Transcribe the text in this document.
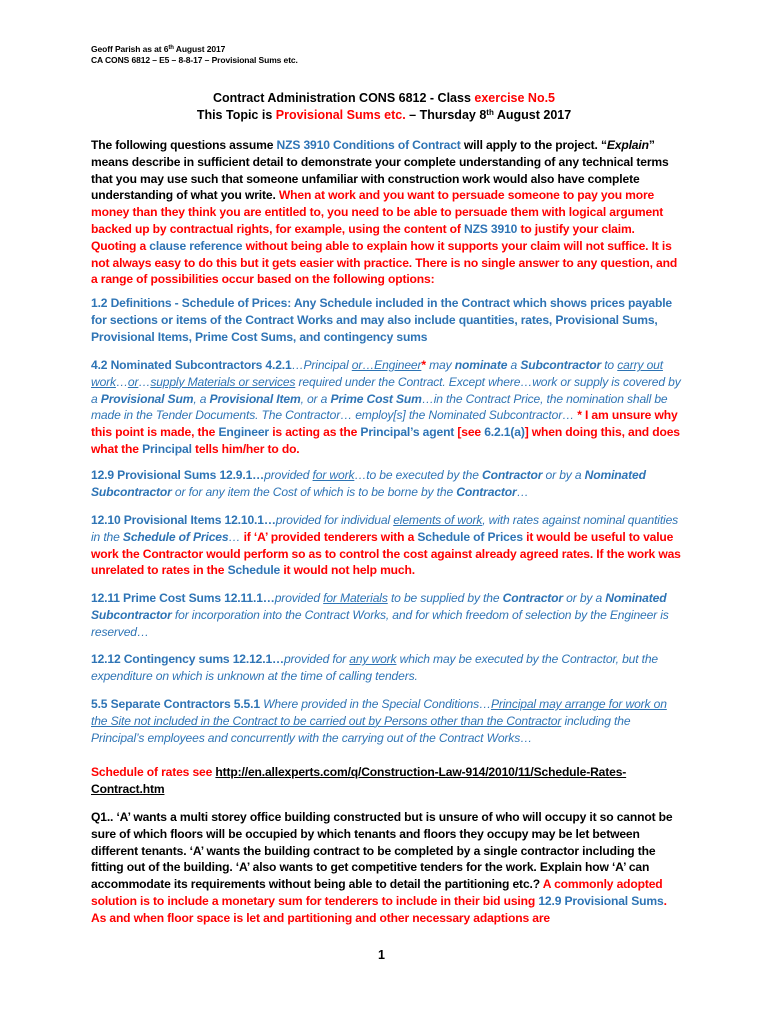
Geoff Parish as at 6th August 2017
CA CONS 6812 – E5 – 8-8-17 – Provisional Sums etc.
Contract Administration CONS 6812 - Class exercise No.5
This Topic is Provisional Sums etc. – Thursday 8th August 2017
The following questions assume NZS 3910 Conditions of Contract will apply to the project. “Explain” means describe in sufficient detail to demonstrate your complete understanding of any technical terms that you may use such that someone unfamiliar with construction work would also have complete understanding of what you write. When at work and you want to persuade someone to pay you more money than they think you are entitled to, you need to be able to persuade them with logical argument backed up by contractual rights, for example, using the content of NZS 3910 to justify your claim. Quoting a clause reference without being able to explain how it supports your claim will not suffice. It is not always easy to do this but it gets easier with practice. There is no single answer to any question, and a range of possibilities occur based on the following options:
1.2 Definitions - Schedule of Prices: Any Schedule included in the Contract which shows prices payable for sections or items of the Contract Works and may also include quantities, rates, Provisional Sums, Provisional Items, Prime Cost Sums, and contingency sums
4.2 Nominated Subcontractors 4.2.1…Principal or…Engineer* may nominate a Subcontractor to carry out work…or…supply Materials or services required under the Contract. Except where…work or supply is covered by a Provisional Sum, a Provisional Item, or a Prime Cost Sum…in the Contract Price, the nomination shall be made in the Tender Documents. The Contractor… employ[s] the Nominated Subcontractor… * I am unsure why this point is made, the Engineer is acting as the Principal’s agent [see 6.2.1(a)] when doing this, and does what the Principal tells him/her to do.
12.9 Provisional Sums 12.9.1…provided for work…to be executed by the Contractor or by a Nominated Subcontractor or for any item the Cost of which is to be borne by the Contractor…
12.10 Provisional Items 12.10.1…provided for individual elements of work, with rates against nominal quantities in the Schedule of Prices… if ‘A’ provided tenderers with a Schedule of Prices it would be useful to value work the Contractor would perform so as to control the cost against already agreed rates. If the work was unrelated to rates in the Schedule it would not help much.
12.11 Prime Cost Sums 12.11.1…provided for Materials to be supplied by the Contractor or by a Nominated Subcontractor for incorporation into the Contract Works, and for which freedom of selection by the Engineer is reserved…
12.12 Contingency sums 12.12.1…provided for any work which may be executed by the Contractor, but the expenditure on which is unknown at the time of calling tenders.
5.5 Separate Contractors 5.5.1 Where provided in the Special Conditions…Principal may arrange for work on the Site not included in the Contract to be carried out by Persons other than the Contractor including the Principal’s employees and concurrently with the carrying out of the Contract Works…
Schedule of rates see http://en.allexperts.com/q/Construction-Law-914/2010/11/Schedule-Rates-Contract.htm
Q1.. ‘A’ wants a multi storey office building constructed but is unsure of who will occupy it so cannot be sure of which floors will be occupied by which tenants and floors they occupy may be let between different tenants. ‘A’ wants the building contract to be completed by a single contractor including the fitting out of the building. ‘A’ also wants to get competitive tenders for the work. Explain how ‘A’ can accommodate its requirements without being able to detail the partitioning etc.? A commonly adopted solution is to include a monetary sum for tenderers to include in their bid using 12.9 Provisional Sums. As and when floor space is let and partitioning and other necessary adaptions are
1
